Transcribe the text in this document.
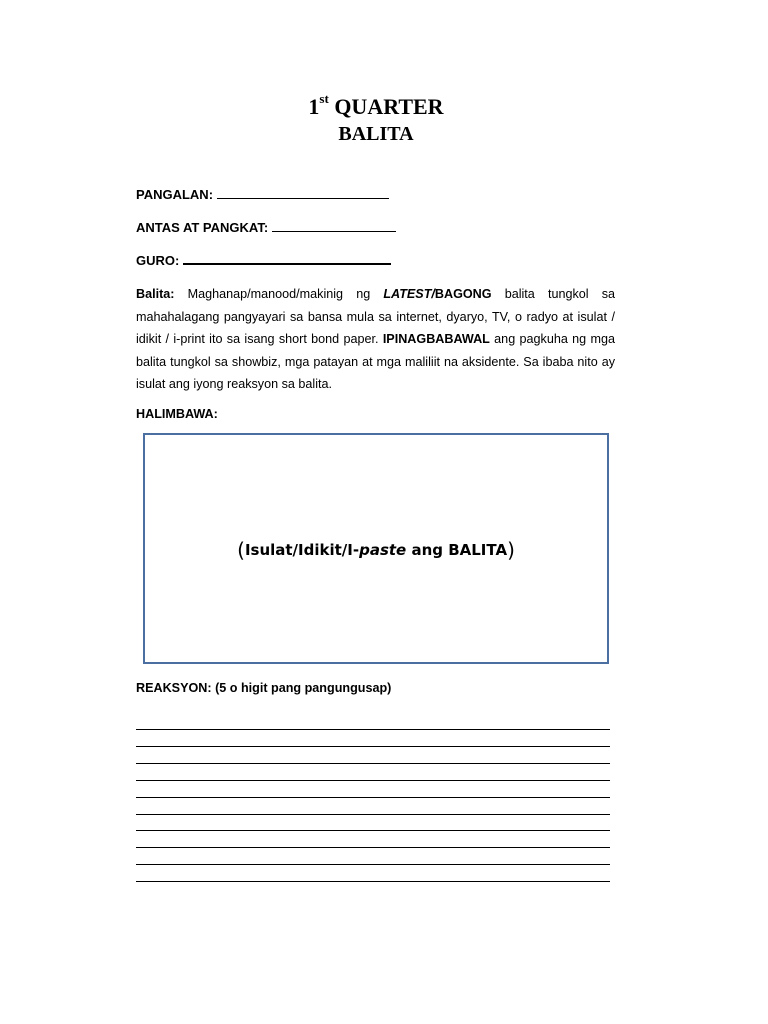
1st QUARTER
BALITA
PANGALAN:
ANTAS AT PANGKAT:
GURO:
Balita: Maghanap/manood/makinig ng LATEST/BAGONG balita tungkol sa mahahalagang pangyayari sa bansa mula sa internet, dyaryo, TV, o radyo at isulat / idikit / i-print ito sa isang short bond paper. IPINAGBABAWAL ang pagkuha ng mga balita tungkol sa showbiz, mga patayan at mga maliliit na aksidente. Sa ibaba nito ay isulat ang iyong reaksyon sa balita.
HALIMBAWA:
(Isulat/Idikit/I-paste ang BALITA)
REAKSYON: (5 o higit pang pangungusap)
